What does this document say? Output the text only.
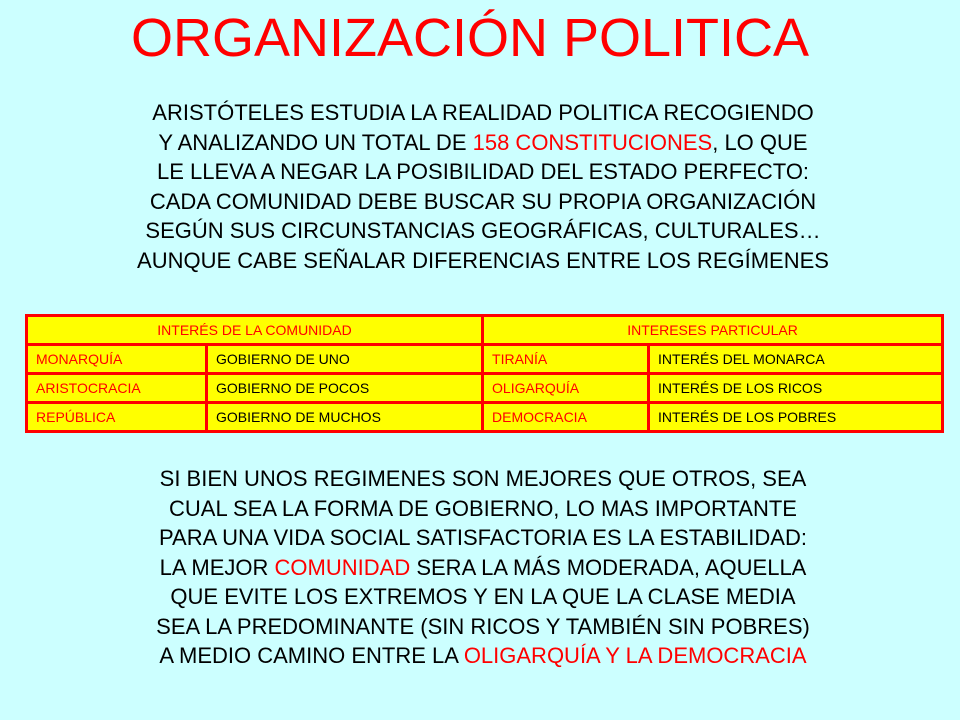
ORGANIZACIÓN POLITICA
ARISTÓTELES ESTUDIA LA REALIDAD POLITICA RECOGIENDO
Y ANALIZANDO UN TOTAL DE 158 CONSTITUCIONES, LO QUE
LE LLEVA A NEGAR LA POSIBILIDAD DEL ESTADO PERFECTO:
CADA COMUNIDAD DEBE BUSCAR SU PROPIA ORGANIZACIÓN
SEGÚN SUS CIRCUNSTANCIAS GEOGRÁFICAS, CULTURALES…
AUNQUE CABE SEÑALAR DIFERENCIAS ENTRE LOS REGÍMENES
INTERÉS DE LA COMUNIDAD		INTERESES PARTICULAR	
MONARQUÍA	GOBIERNO DE UNO	TIRANÍA	INTERÉS DEL MONARCA
ARISTOCRACIA	GOBIERNO DE POCOS	OLIGARQUÍA	INTERÉS DE LOS RICOS
REPÚBLICA	GOBIERNO DE MUCHOS	DEMOCRACIA	INTERÉS DE LOS POBRES
SI BIEN UNOS REGIMENES SON MEJORES QUE OTROS, SEA
CUAL SEA LA FORMA DE GOBIERNO, LO MAS IMPORTANTE
PARA UNA VIDA SOCIAL SATISFACTORIA ES LA ESTABILIDAD:
LA MEJOR COMUNIDAD SERA LA MÁS MODERADA, AQUELLA
QUE EVITE LOS EXTREMOS Y EN LA QUE LA CLASE MEDIA
SEA LA PREDOMINANTE (SIN RICOS Y TAMBIÉN SIN POBRES)
A MEDIO CAMINO ENTRE LA OLIGARQUÍA Y LA DEMOCRACIA
